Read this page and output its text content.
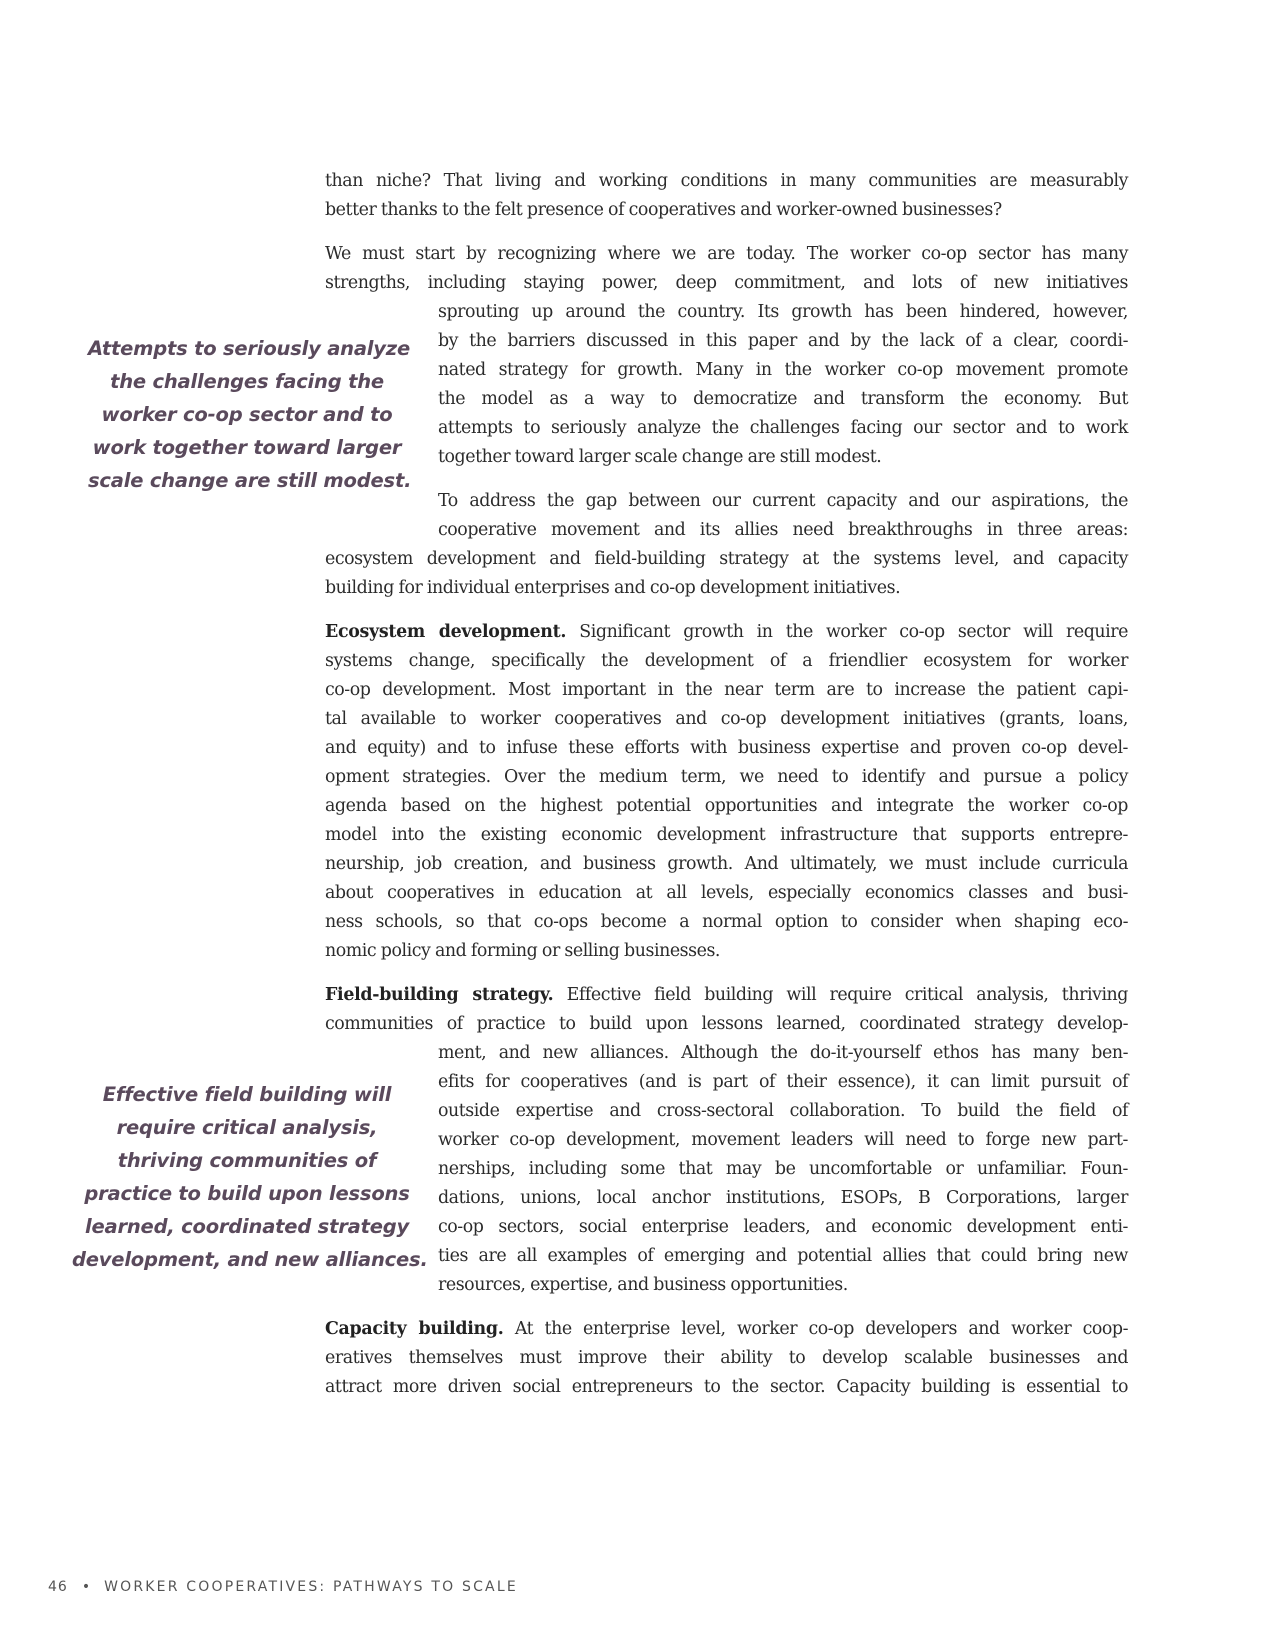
than niche? That living and working conditions in many communities are measurably
better thanks to the felt presence of cooperatives and worker-owned businesses?
We must start by recognizing where we are today. The worker co-op sector has many
strengths, including staying power, deep commitment, and lots of new initiatives
sprouting up around the country. Its growth has been hindered, however,
by the barriers discussed in this paper and by the lack of a clear, coordi-
nated strategy for growth. Many in the worker co-op movement promote
the model as a way to democratize and transform the economy. But
attempts to seriously analyze the challenges facing our sector and to work
together toward larger scale change are still modest.
Attempts to seriously analyze
the challenges facing the
worker co-op sector and to
work together toward larger
scale change are still modest.
To address the gap between our current capacity and our aspirations, the
cooperative movement and its allies need breakthroughs in three areas:
ecosystem development and field-building strategy at the systems level, and capacity
building for individual enterprises and co-op development initiatives.
Ecosystem development. Significant growth in the worker co-op sector will require
systems change, specifically the development of a friendlier ecosystem for worker
co-op development. Most important in the near term are to increase the patient capi-
tal available to worker cooperatives and co-op development initiatives (grants, loans,
and equity) and to infuse these efforts with business expertise and proven co-op devel-
opment strategies. Over the medium term, we need to identify and pursue a policy
agenda based on the highest potential opportunities and integrate the worker co-op
model into the existing economic development infrastructure that supports entrepre-
neurship, job creation, and business growth. And ultimately, we must include curricula
about cooperatives in education at all levels, especially economics classes and busi-
ness schools, so that co-ops become a normal option to consider when shaping eco-
nomic policy and forming or selling businesses.
Field-building strategy. Effective field building will require critical analysis, thriving
communities of practice to build upon lessons learned, coordinated strategy develop-
ment, and new alliances. Although the do-it-yourself ethos has many ben-
efits for cooperatives (and is part of their essence), it can limit pursuit of
outside expertise and cross-sectoral collaboration. To build the field of
worker co-op development, movement leaders will need to forge new part-
nerships, including some that may be uncomfortable or unfamiliar. Foun-
dations, unions, local anchor institutions, ESOPs, B Corporations, larger
co-op sectors, social enterprise leaders, and economic development enti-
ties are all examples of emerging and potential allies that could bring new
resources, expertise, and business opportunities.
Effective field building will
require critical analysis,
thriving communities of
practice to build upon lessons
learned, coordinated strategy
development, and new alliances.
Capacity building. At the enterprise level, worker co-op developers and worker coop-
eratives themselves must improve their ability to develop scalable businesses and
attract more driven social entrepreneurs to the sector. Capacity building is essential to
46 • WORKER COOPERATIVES: PATHWAYS TO SCALE
